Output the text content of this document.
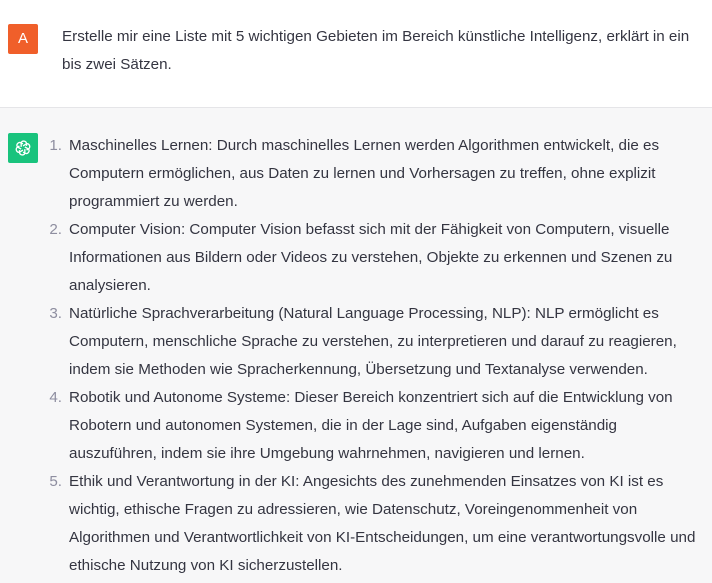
A	Erstelle mir eine Liste mit 5 wichtigen Gebieten im Bereich künstliche Intelligenz, erklärt in ein bis zwei Sätzen.
1. Maschinelles Lernen: Durch maschinelles Lernen werden Algorithmen entwickelt, die es Computern ermöglichen, aus Daten zu lernen und Vorhersagen zu treffen, ohne explizit programmiert zu werden.
2. Computer Vision: Computer Vision befasst sich mit der Fähigkeit von Computern, visuelle Informationen aus Bildern oder Videos zu verstehen, Objekte zu erkennen und Szenen zu analysieren.
3. Natürliche Sprachverarbeitung (Natural Language Processing, NLP): NLP ermöglicht es Computern, menschliche Sprache zu verstehen, zu interpretieren und darauf zu reagieren, indem sie Methoden wie Spracherkennung, Übersetzung und Textanalyse verwenden.
4. Robotik und Autonome Systeme: Dieser Bereich konzentriert sich auf die Entwicklung von Robotern und autonomen Systemen, die in der Lage sind, Aufgaben eigenständig auszuführen, indem sie ihre Umgebung wahrnehmen, navigieren und lernen.
5. Ethik und Verantwortung in der KI: Angesichts des zunehmenden Einsatzes von KI ist es wichtig, ethische Fragen zu adressieren, wie Datenschutz, Voreingenommenheit von Algorithmen und Verantwortlichkeit von KI-Entscheidungen, um eine verantwortungsvolle und ethische Nutzung von KI sicherzustellen.
